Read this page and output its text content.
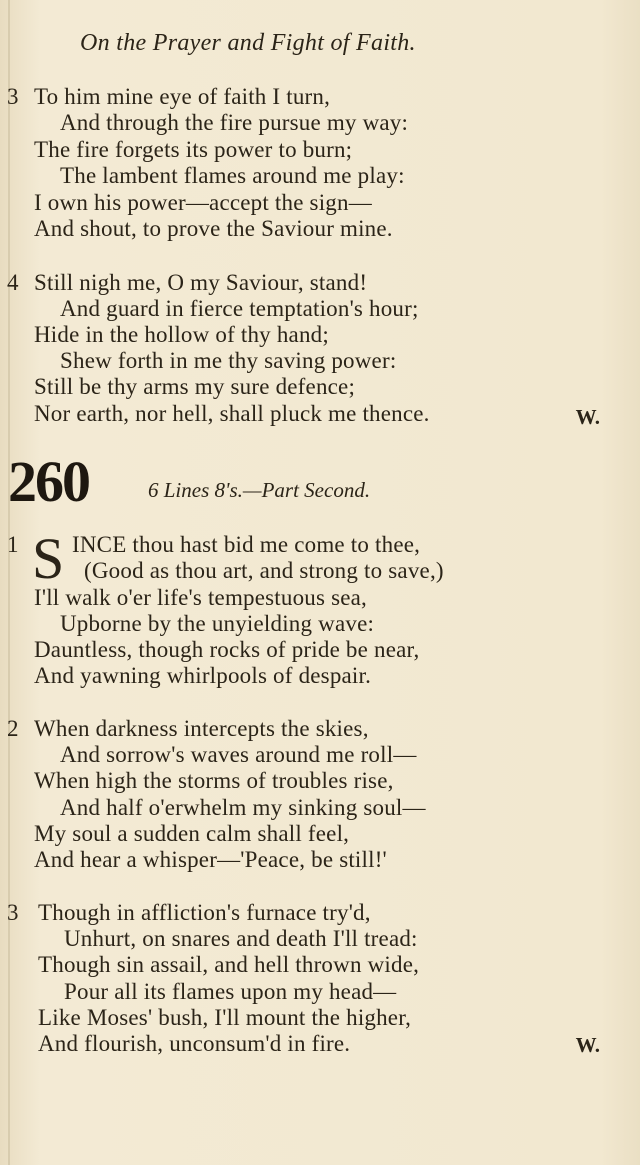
On the Prayer and Fight of Faith.
3 To him mine eye of faith I turn,
And through the fire pursue my way:
The fire forgets its power to burn;
The lambent flames around me play:
I own his power—accept the sign—
And shout, to prove the Saviour mine.
4 Still nigh me, O my Saviour, stand!
And guard in fierce temptation's hour;
Hide in the hollow of thy hand;
Shew forth in me thy saving power:
Still be thy arms my sure defence;
Nor earth, nor hell, shall pluck me thence.	W.
260	6 Lines 8's.—Part Second.
1 S INCE thou hast bid me come to thee,
(Good as thou art, and strong to save,)
I'll walk o'er life's tempestuous sea,
Upborne by the unyielding wave:
Dauntless, though rocks of pride be near,
And yawning whirlpools of despair.
2 When darkness intercepts the skies,
And sorrow's waves around me roll—
When high the storms of troubles rise,
And half o'erwhelm my sinking soul—
My soul a sudden calm shall feel,
And hear a whisper—'Peace, be still!'
3 Though in affliction's furnace try'd,
Unhurt, on snares and death I'll tread:
Though sin assail, and hell thrown wide,
Pour all its flames upon my head—
Like Moses' bush, I'll mount the higher,
And flourish, unconsum'd in fire.	W.
